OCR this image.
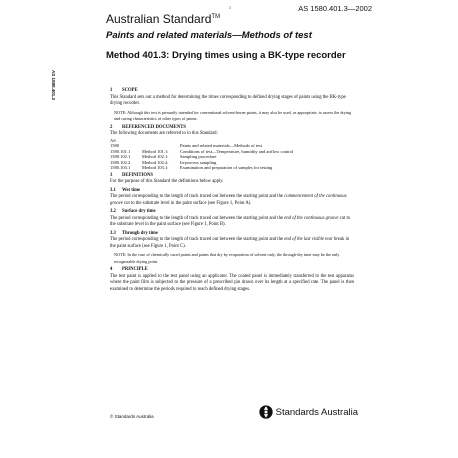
1	AS 1580.401.3—2002
Australian Standard™
AS 1580.401.3
Paints and related materials—Methods of test
Method 401.3: Drying times using a BK-type recorder
1 SCOPE

This Standard sets out a method for determining the times corresponding to defined drying stages of paints using the BK-type drying recorder.

NOTE: Although this test is primarily intended for conventional solvent-borne paints, it may also be used, as appropriate, to assess the drying and curing characteristics of other types of paints.

2 REFERENCED DOCUMENTS

The following documents are referred to in this Standard:

AS
1580		Paints and related materials—Methods of test
1580.101.1	Method 101.1:	Conditions of test—Temperature, humidity and airflow control
1580.102.1	Method 102.1:	Sampling procedure
1580.102.2	Method 102.2:	In-process sampling
1580.103.1	Method 103.1:	Examination and preparation of samples for testing
3 DEFINITIONS

For the purpose of this Standard the definitions below apply.

3.1 Wet time

The period corresponding to the length of track traced out between the starting point and the commencement of the continuous groove cut to the substrate level in the paint surface (see Figure 1, Point A).

3.2 Surface dry time

The period corresponding to the length of track traced out between the starting point and the end of the continuous groove cut to the substrate level in the paint surface (see Figure 1, Point B).

3.3 Through dry time

The period corresponding to the length of track traced out between the starting point and the end of the last visible tear break in the paint surface (see Figure 1, Point C).

NOTE: In the case of chemically cured paints and paints that dry by evaporation of solvent only, the through-dry time may be the only recognizable drying point.

4 PRINCIPLE

The test paint is applied to the test panel using an applicator. The coated panel is immediately transferred to the test apparatus where the paint film is subjected to the pressure of a prescribed pin drawn over its length at a specified rate. The panel is then examined to determine the periods required to reach defined drying stages.

© Standards Australia	Standards Australia
